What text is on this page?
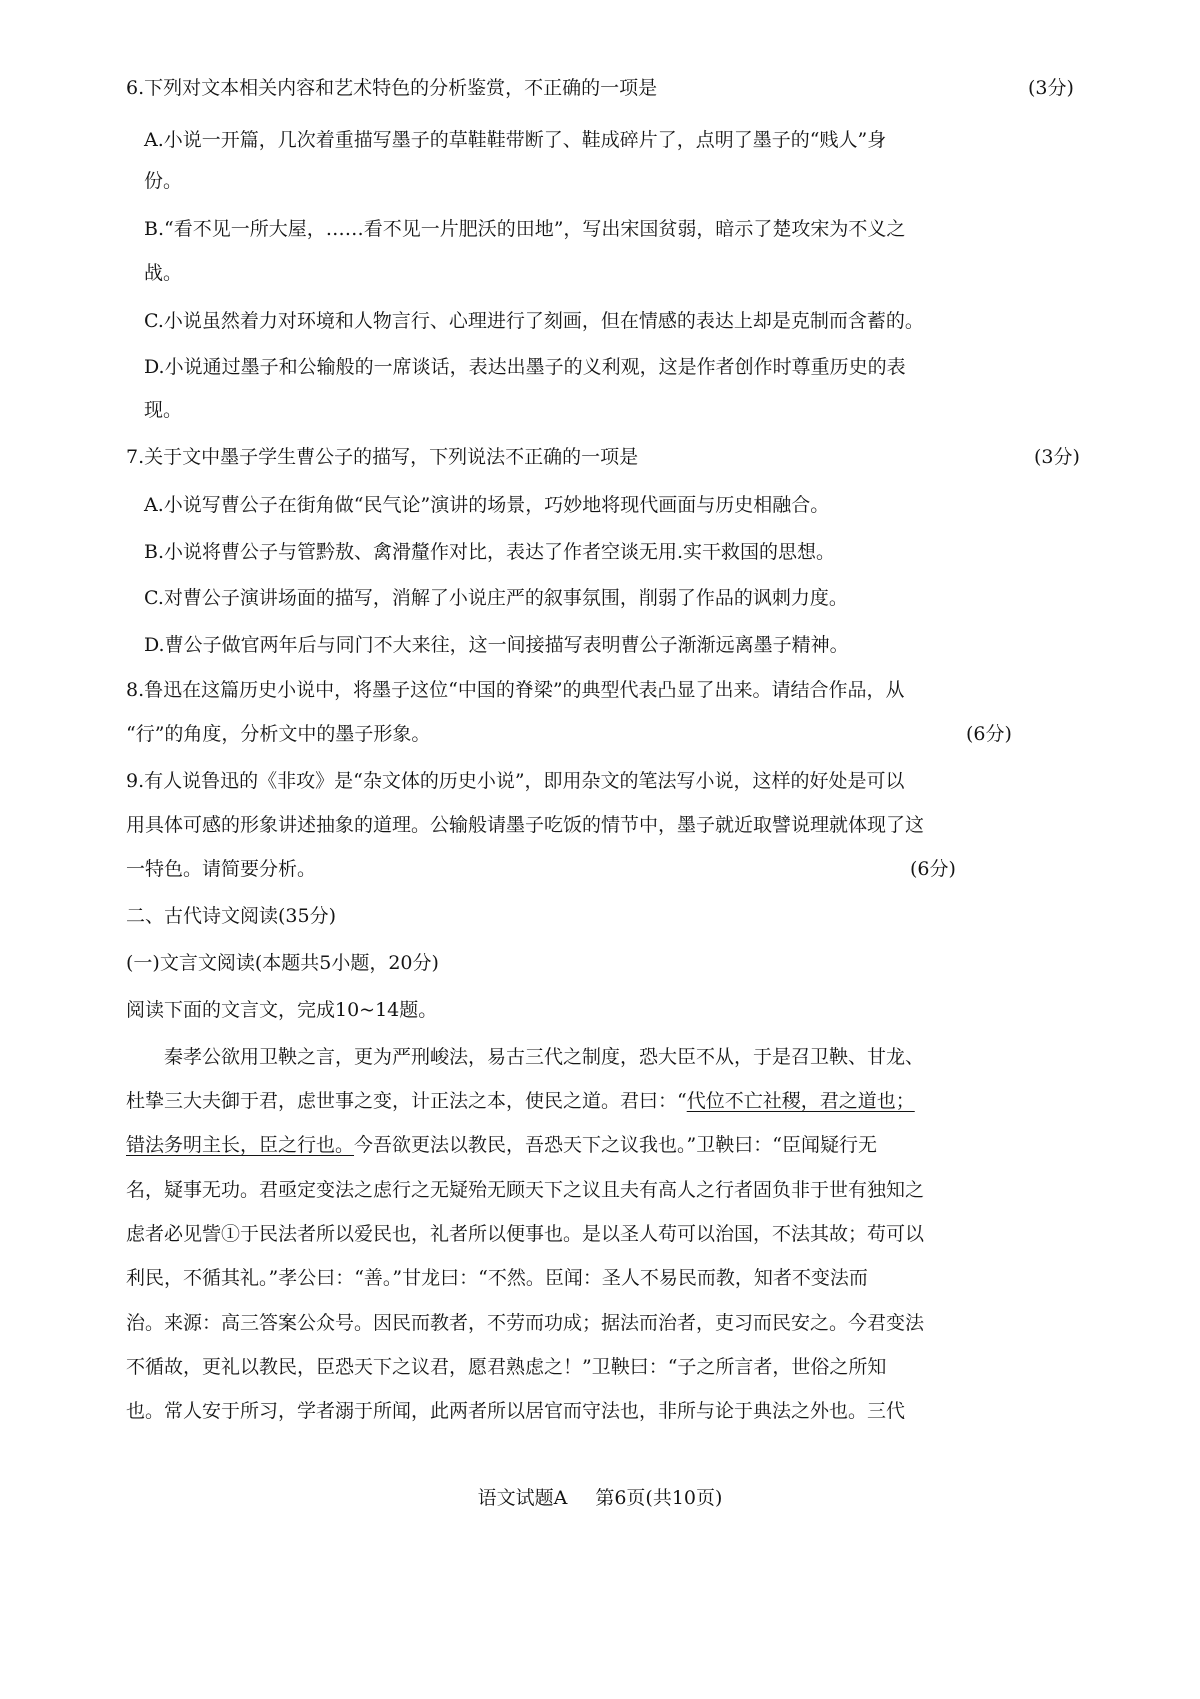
6.下列对文本相关内容和艺术特色的分析鉴赏，不正确的一项是	(3分)
A.小说一开篇，几次着重描写墨子的草鞋鞋带断了、鞋成碎片了，点明了墨子的“贱人”身
份。
B.“看不见一所大屋，……看不见一片肥沃的田地”，写出宋国贫弱，暗示了楚攻宋为不义之
战。
C.小说虽然着力对环境和人物言行、心理进行了刻画，但在情感的表达上却是克制而含蓄的。
D.小说通过墨子和公输般的一席谈话，表达出墨子的义利观，这是作者创作时尊重历史的表
现。
7.关于文中墨子学生曹公子的描写，下列说法不正确的一项是	(3分)
A.小说写曹公子在街角做“民气论”演讲的场景，巧妙地将现代画面与历史相融合。
B.小说将曹公子与管黔敖、禽滑釐作对比，表达了作者空谈无用.实干救国的思想。
C.对曹公子演讲场面的描写，消解了小说庄严的叙事氛围，削弱了作品的讽刺力度。
D.曹公子做官两年后与同门不大来往，这一间接描写表明曹公子渐渐远离墨子精神。
8.鲁迅在这篇历史小说中，将墨子这位“中国的脊梁”的典型代表凸显了出来。请结合作品，从
“行”的角度，分析文中的墨子形象。	(6分)
9.有人说鲁迅的《非攻》是“杂文体的历史小说”，即用杂文的笔法写小说，这样的好处是可以
用具体可感的形象讲述抽象的道理。公输般请墨子吃饭的情节中，墨子就近取譬说理就体现了这
一特色。请简要分析。	(6分)
二、古代诗文阅读(35分)
(一)文言文阅读(本题共5小题，20分)
阅读下面的文言文，完成10~14题。
秦孝公欲用卫鞅之言，更为严刑峻法，易古三代之制度，恐大臣不从，于是召卫鞅、甘龙、
杜挚三大夫御于君，虑世事之变，计正法之本，使民之道。君曰：“代位不亡社稷，君之道也；
错法务明主长，臣之行也。今吾欲更法以教民，吾恐天下之议我也。”卫鞅曰：“臣闻疑行无
名，疑事无功。君亟定变法之虑行之无疑殆无顾天下之议且夫有高人之行者固负非于世有独知之
虑者必见訾①于民法者所以爱民也，礼者所以便事也。是以圣人苟可以治国，不法其故；苟可以
利民，不循其礼。”孝公曰：“善。”甘龙曰：“不然。臣闻：圣人不易民而教，知者不变法而
治。来源：高三答案公众号。因民而教者，不劳而功成；据法而治者，吏习而民安之。今君变法
不循故，更礼以教民，臣恐天下之议君，愿君熟虑之！”卫鞅曰：“子之所言者，世俗之所知
也。常人安于所习，学者溺于所闻，此两者所以居官而守法也，非所与论于典法之外也。三代
语文试题A 第6页(共10页)
